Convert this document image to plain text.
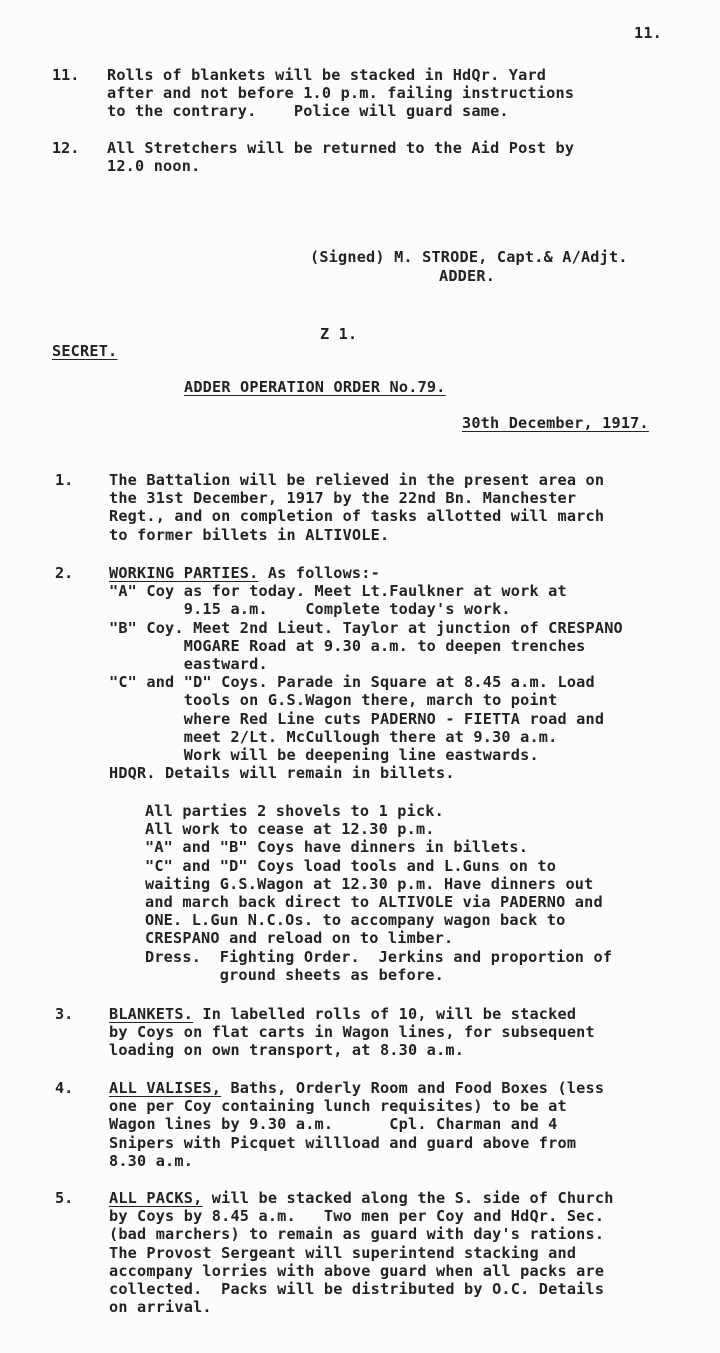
11.
11. Rolls of blankets will be stacked in HdQr. Yard
after and not before 1.0 p.m. failing instructions
to the contrary.    Police will guard same.
12. All Stretchers will be returned to the Aid Post by
12.0 noon.
(Signed) M. STRODE, Capt.& A/Adjt.
ADDER.
Z 1.
SECRET.
ADDER OPERATION ORDER No.79.
30th December, 1917.
1. The Battalion will be relieved in the present area on
the 31st December, 1917 by the 22nd Bn. Manchester
Regt., and on completion of tasks allotted will march
to former billets in ALTIVOLE.
2. WORKING PARTIES. As follows:-
"A" Coy as for today. Meet Lt.Faulkner at work at
9.15 a.m.    Complete today's work.
"B" Coy. Meet 2nd Lieut. Taylor at junction of CRESPANO
MOGARE Road at 9.30 a.m. to deepen trenches
eastward.
"C" and "D" Coys. Parade in Square at 8.45 a.m. Load
tools on G.S.Wagon there, march to point
where Red Line cuts PADERNO - FIETTA road and
meet 2/Lt. McCullough there at 9.30 a.m.
Work will be deepening line eastwards.
HDQR. Details will remain in billets.
All parties 2 shovels to 1 pick.
All work to cease at 12.30 p.m.
"A" and "B" Coys have dinners in billets.
"C" and "D" Coys load tools and L.Guns on to
waiting G.S.Wagon at 12.30 p.m. Have dinners out
and march back direct to ALTIVOLE via PADERNO and
ONE. L.Gun N.C.Os. to accompany wagon back to
CRESPANO and reload on to limber.
Dress.  Fighting Order.  Jerkins and proportion of
ground sheets as before.
3. BLANKETS. In labelled rolls of 10, will be stacked
by Coys on flat carts in Wagon lines, for subsequent
loading on own transport, at 8.30 a.m.
4. ALL VALISES, Baths, Orderly Room and Food Boxes (less
one per Coy containing lunch requisites) to be at
Wagon lines by 9.30 a.m.      Cpl. Charman and 4
Snipers with Picquet willload and guard above from
8.30 a.m.
5. ALL PACKS, will be stacked along the S. side of Church
by Coys by 8.45 a.m.   Two men per Coy and HdQr. Sec.
(bad marchers) to remain as guard with day's rations.
The Provost Sergeant will superintend stacking and
accompany lorries with above guard when all packs are
collected.  Packs will be distributed by O.C. Details
on arrival.
